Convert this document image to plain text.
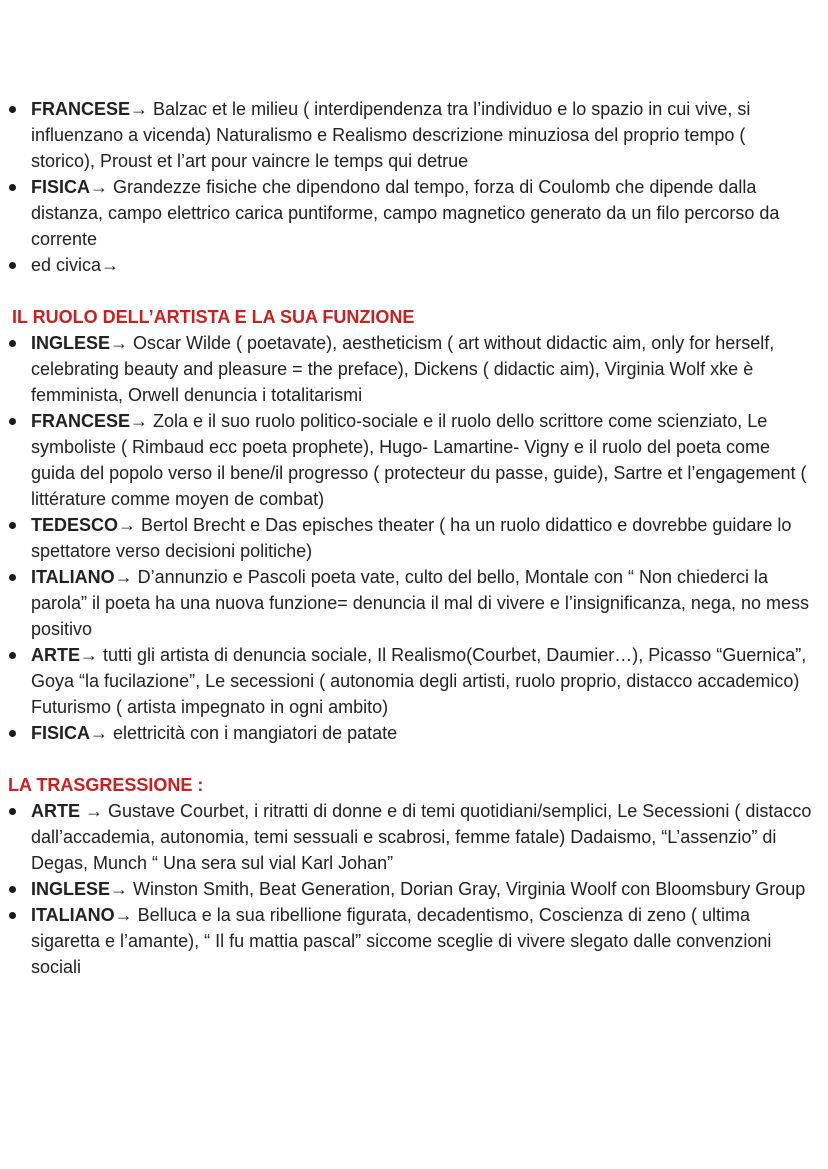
FRANCESE→ Balzac et le milieu ( interdipendenza tra l’individuo e lo spazio in cui vive, si influenzano a vicenda) Naturalismo e Realismo descrizione minuziosa del proprio tempo ( storico), Proust et l’art pour vaincre le temps qui detrue
FISICA→ Grandezze fisiche che dipendono dal tempo, forza di Coulomb che dipende dalla distanza, campo elettrico carica puntiforme, campo magnetico generato da un filo percorso da corrente
ed civica→
IL RUOLO DELL’ARTISTA E LA SUA FUNZIONE
INGLESE→ Oscar Wilde ( poetavate), aestheticism ( art without didactic aim, only for herself, celebrating beauty and pleasure = the preface), Dickens ( didactic aim), Virginia Wolf xke è femminista, Orwell denuncia i totalitarismi
FRANCESE→ Zola e il suo ruolo politico-sociale e il ruolo dello scrittore come scienziato, Le symboliste ( Rimbaud ecc poeta prophete), Hugo- Lamartine- Vigny e il ruolo del poeta come guida del popolo verso il bene/il progresso ( protecteur du passe, guide), Sartre et l’engagement ( littérature comme moyen de combat)
TEDESCO→ Bertol Brecht e Das episches theater ( ha un ruolo didattico e dovrebbe guidare lo spettatore verso decisioni politiche)
ITALIANO→ D’annunzio e Pascoli poeta vate, culto del bello, Montale con “ Non chiederci la parola” il poeta ha una nuova funzione= denuncia il mal di vivere e l’insignificanza, nega, no mess positivo
ARTE→ tutti gli artista di denuncia sociale, Il Realismo(Courbet, Daumier…), Picasso “Guernica”, Goya “la fucilazione”, Le secessioni ( autonomia degli artisti, ruolo proprio, distacco accademico) Futurismo ( artista impegnato in ogni ambito)
FISICA→ elettricità con i mangiatori de patate
LA TRASGRESSIONE :
ARTE → Gustave Courbet, i ritratti di donne e di temi quotidiani/semplici, Le Secessioni ( distacco dall’accademia, autonomia, temi sessuali e scabrosi, femme fatale) Dadaismo, “L’assenzio” di Degas, Munch “ Una sera sul vial Karl Johan”
INGLESE→ Winston Smith, Beat Generation, Dorian Gray, Virginia Woolf con Bloomsbury Group
ITALIANO→ Belluca e la sua ribellione figurata, decadentismo, Coscienza di zeno ( ultima sigaretta e l’amante), “ Il fu mattia pascal” siccome sceglie di vivere slegato dalle convenzioni sociali
